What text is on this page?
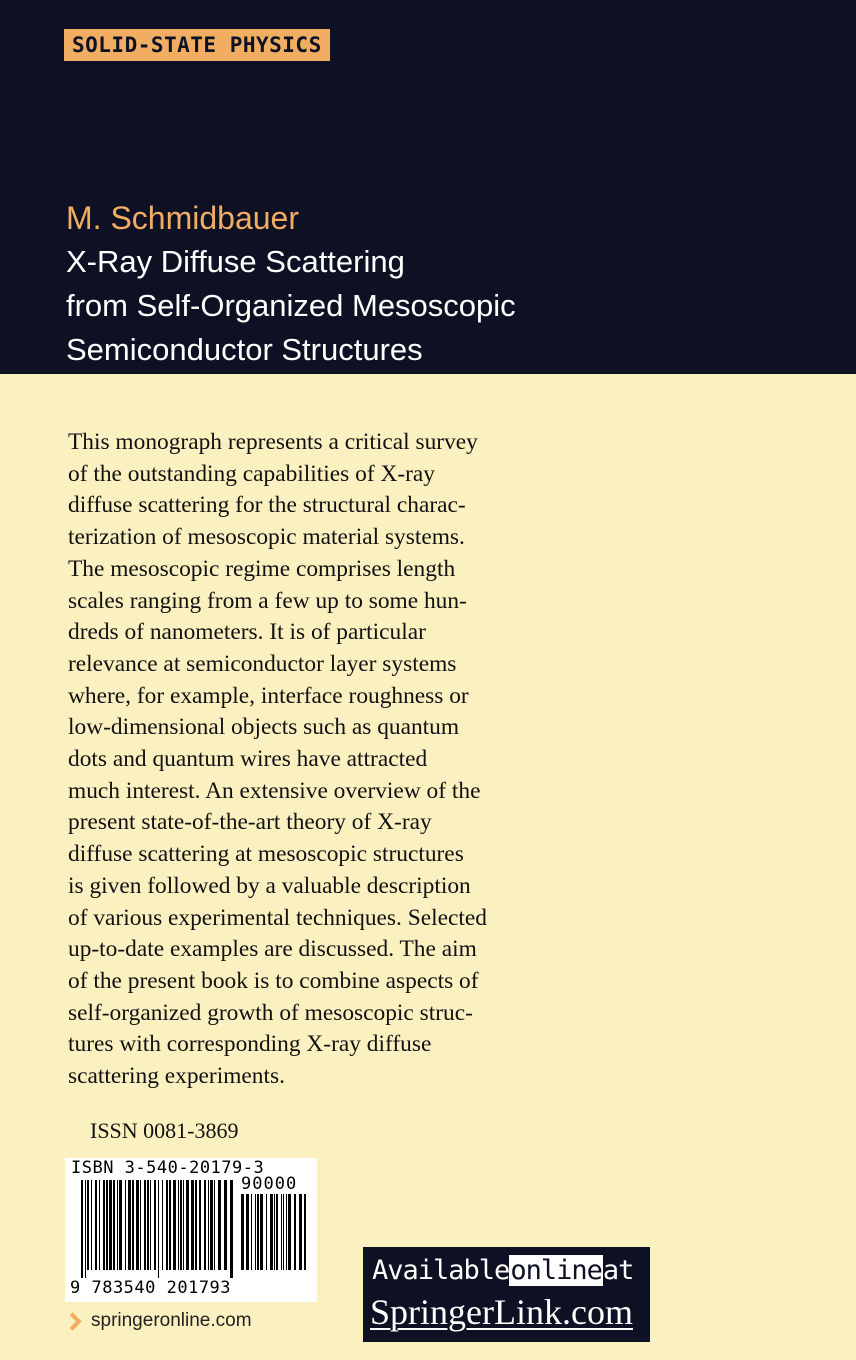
SOLID-STATE PHYSICS
M. Schmidbauer
X-Ray Diffuse Scattering
from Self-Organized Mesoscopic
Semiconductor Structures
This monograph represents a critical survey
of the outstanding capabilities of X-ray
diffuse scattering for the structural charac-
terization of mesoscopic material systems.
The mesoscopic regime comprises length
scales ranging from a few up to some hun-
dreds of nanometers. It is of particular
relevance at semiconductor layer systems
where, for example, interface roughness or
low-dimensional objects such as quantum
dots and quantum wires have attracted
much interest. An extensive overview of the
present state-of-the-art theory of X-ray
diffuse scattering at mesoscopic structures
is given followed by a valuable description
of various experimental techniques. Selected
up-to-date examples are discussed. The aim
of the present book is to combine aspects of
self-organized growth of mesoscopic struc-
tures with corresponding X-ray diffuse
scattering experiments.
ISSN 0081-3869
ISBN 3-540-20179-3
90000
9 783540 201793
springeronline.com
Availableonlineat
SpringerLink.com
